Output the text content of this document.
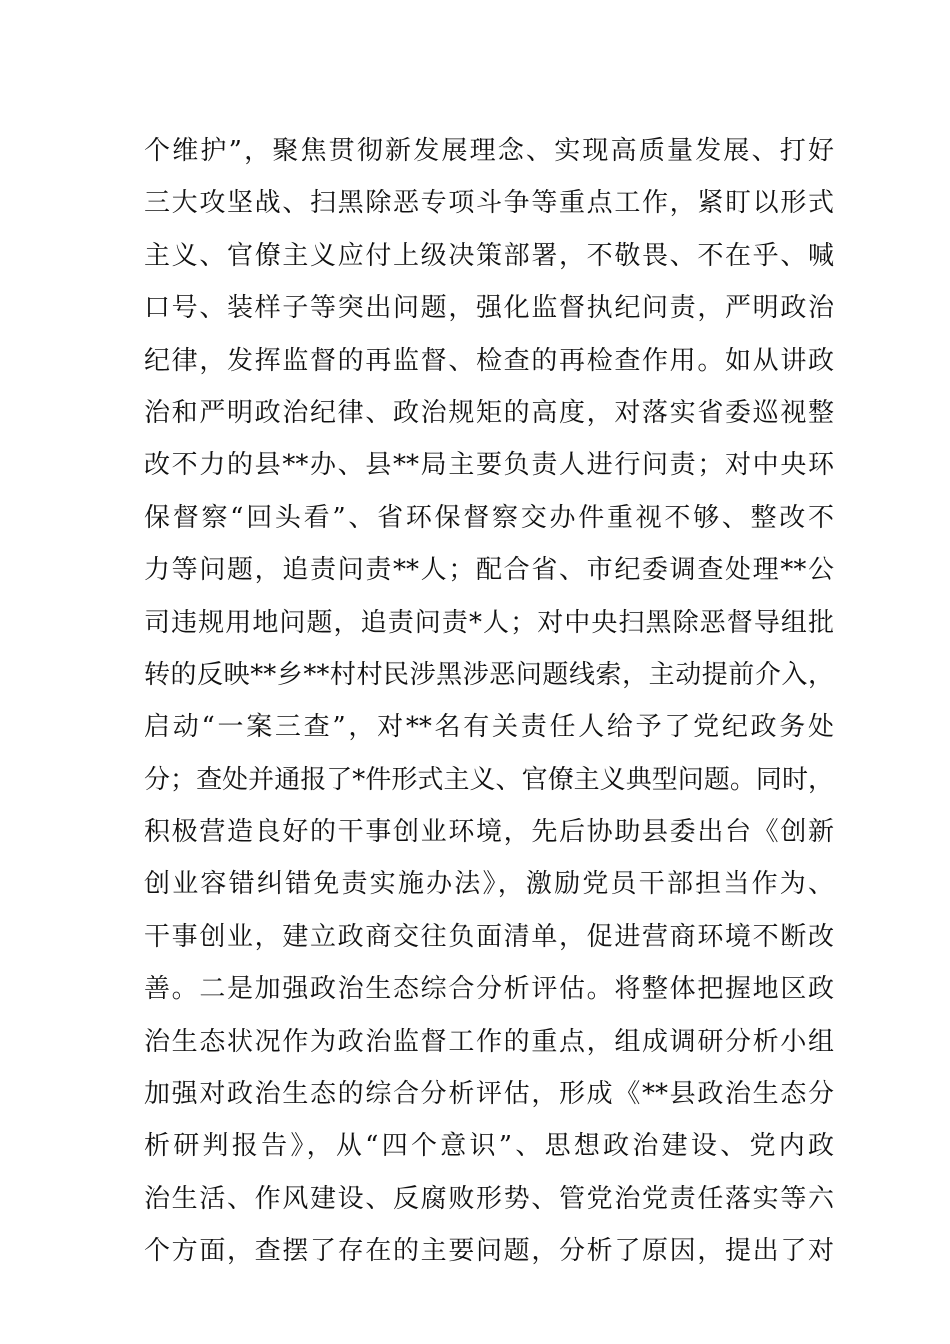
个维护”，聚焦贯彻新发展理念、实现高质量发展、打好
三大攻坚战、扫黑除恶专项斗争等重点工作，紧盯以形式
主义、官僚主义应付上级决策部署，不敬畏、不在乎、喊
口号、装样子等突出问题，强化监督执纪问责，严明政治
纪律，发挥监督的再监督、检查的再检查作用。如从讲政
治和严明政治纪律、政治规矩的高度，对落实省委巡视整
改不力的县**办、县**局主要负责人进行问责；对中央环
保督察“回头看”、省环保督察交办件重视不够、整改不
力等问题，追责问责**人；配合省、市纪委调查处理**公
司违规用地问题，追责问责*人；对中央扫黑除恶督导组批
转的反映**乡**村村民涉黑涉恶问题线索，主动提前介入，
启动“一案三查”，对**名有关责任人给予了党纪政务处
分；查处并通报了*件形式主义、官僚主义典型问题。同时，
积极营造良好的干事创业环境，先后协助县委出台《创新
创业容错纠错免责实施办法》，激励党员干部担当作为、
干事创业，建立政商交往负面清单，促进营商环境不断改
善。二是加强政治生态综合分析评估。将整体把握地区政
治生态状况作为政治监督工作的重点，组成调研分析小组
加强对政治生态的综合分析评估，形成《**县政治生态分
析研判报告》，从“四个意识”、思想政治建设、党内政
治生活、作风建设、反腐败形势、管党治党责任落实等六
个方面，查摆了存在的主要问题，分析了原因，提出了对
